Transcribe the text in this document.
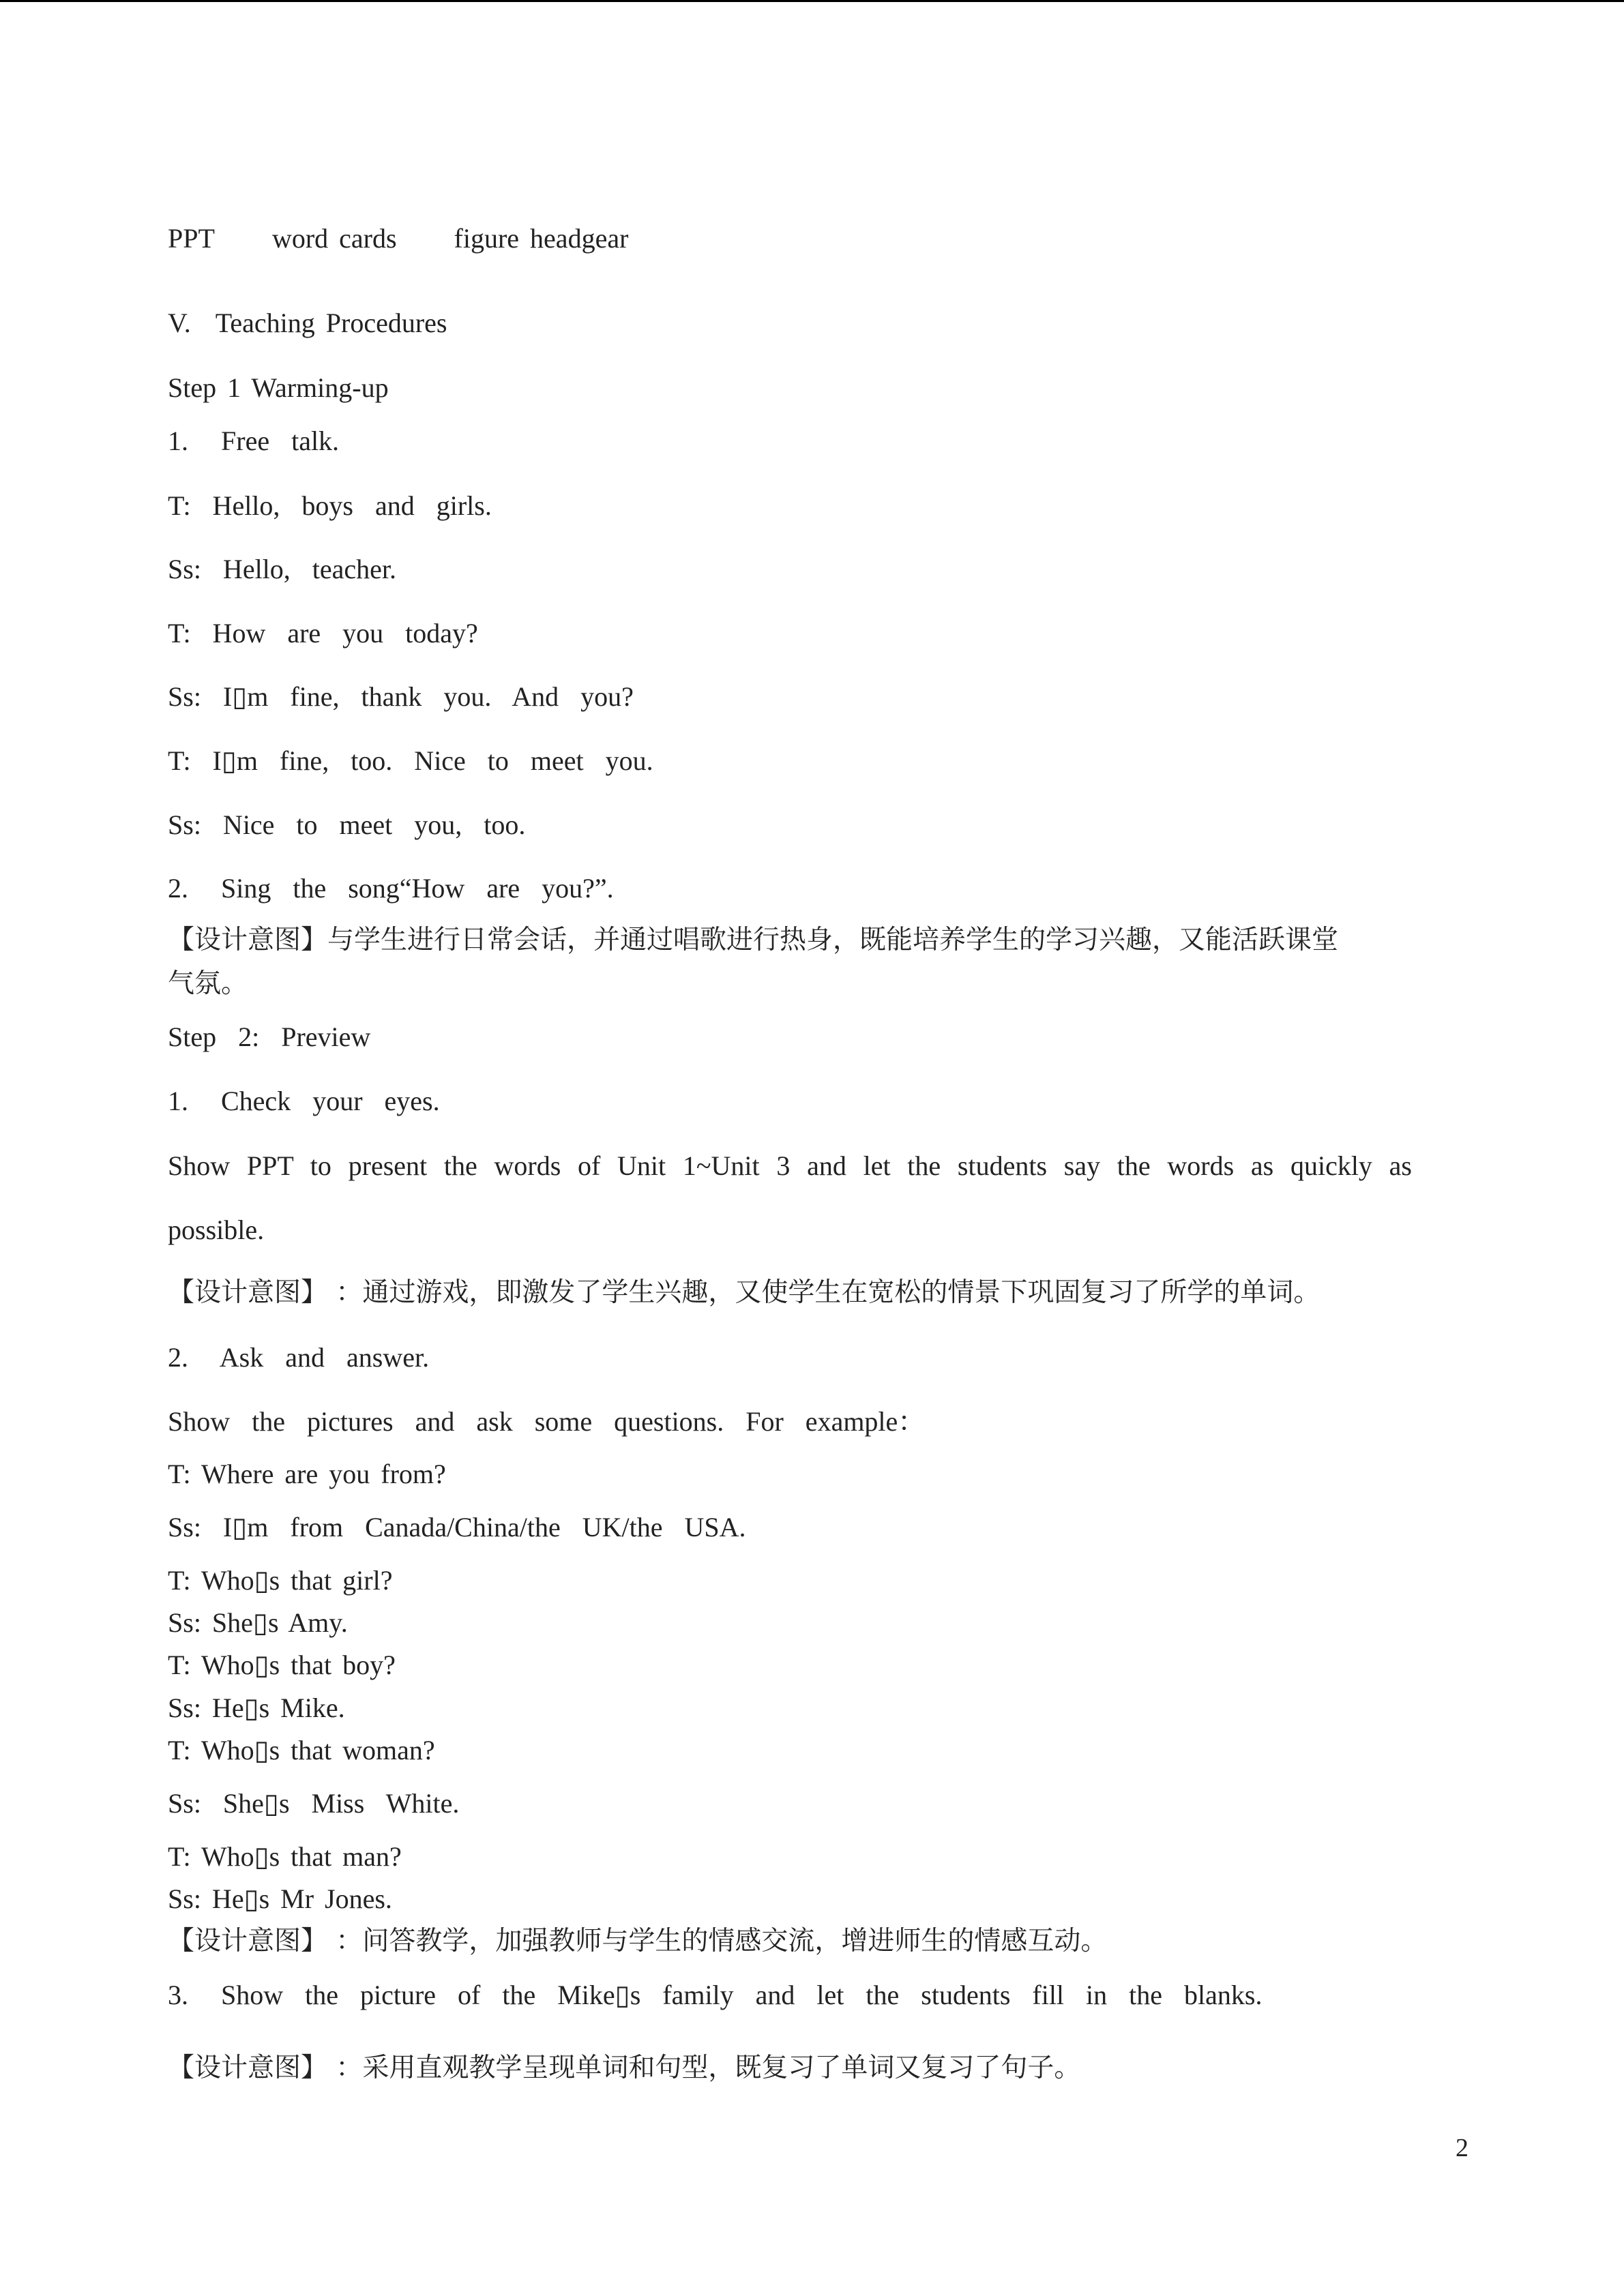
PPT word cards figure headgear
V. Teaching Procedures
Step 1 Warming-up
1.   Free  talk.
T:  Hello,  boys  and  girls.
Ss:  Hello,  teacher.
T:  How  are  you  today?
Ss:  I▯m  fine,  thank  you.  And  you?
T:  I▯m  fine,  too.  Nice  to  meet  you.
Ss:  Nice  to  meet  you,  too.
2.   Sing  the  song“How  are  you?”.
【设计意图】与学生进行日常会话，并通过唱歌进行热身，既能培养学生的学习兴趣，又能活跃课堂
气氛。
Step  2:  Preview
1.   Check  your  eyes.
Show PPT to present the words of Unit 1~Unit 3 and let the students say the words as quickly as
possible.
【设计意图】 ：通过游戏，即激发了学生兴趣，又使学生在宽松的情景下巩固复习了所学的单词。
2.   Ask  and  answer.
Show  the  pictures  and  ask  some  questions.  For  example：
T: Where are you from?
Ss:  I▯m  from  Canada/China/the  UK/the  USA.
T: Who▯s that girl?
Ss: She▯s Amy.
T: Who▯s that boy?
Ss: He▯s Mike.
T: Who▯s that woman?
Ss:  She▯s  Miss  White.
T: Who▯s that man?
Ss: He▯s Mr Jones.
【设计意图】 ：问答教学，加强教师与学生的情感交流，增进师生的情感互动。
3.   Show  the  picture  of  the  Mike▯s  family  and  let  the  students  fill  in  the  blanks.
【设计意图】 ：采用直观教学呈现单词和句型，既复习了单词又复习了句子。
2
